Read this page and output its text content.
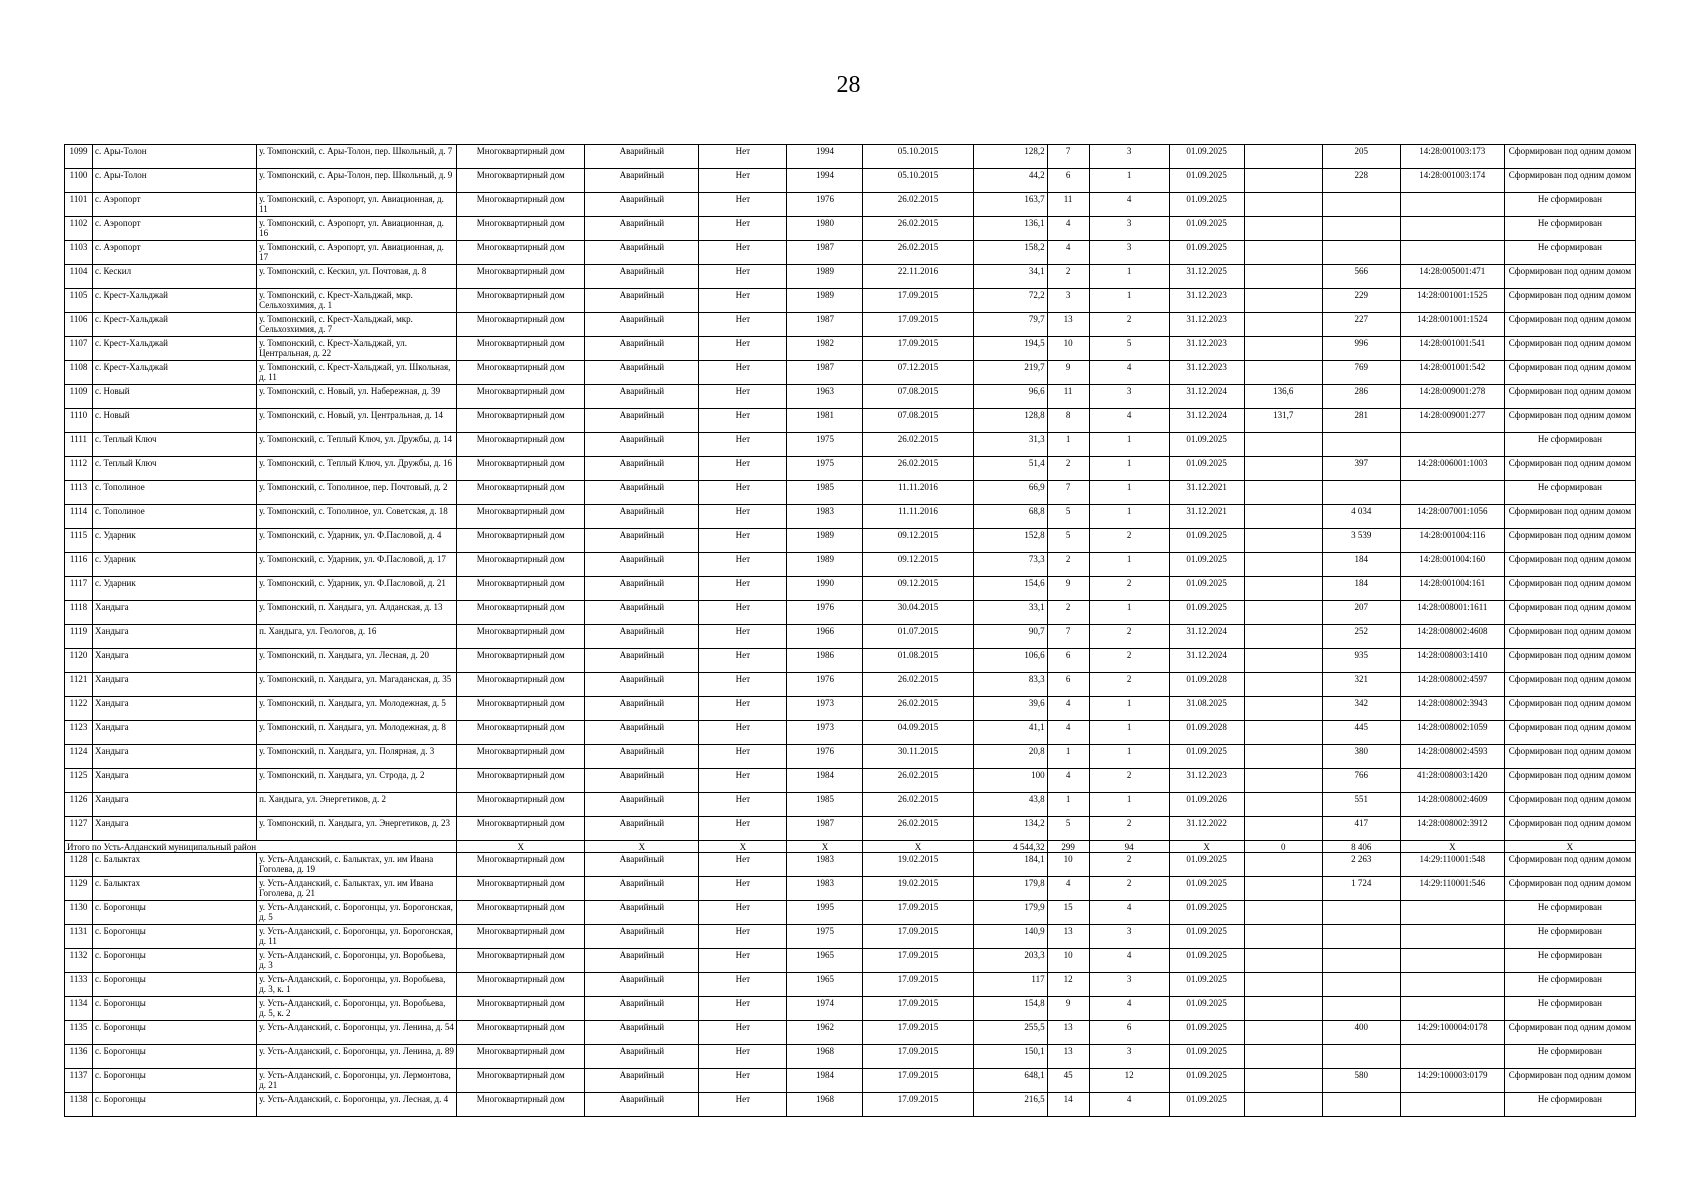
28
1099	с. Ары-Толон	у. Томпонский, с. Ары-Толон, пер. Школьный, д. 7	Многоквартирный дом	Аварийный	Нет	1994	05.10.2015	128,2	7	3	01.09.2025		205	14:28:001003:173	Сформирован под одним домом
1100	с. Ары-Толон	у. Томпонский, с. Ары-Толон, пер. Школьный, д. 9	Многоквартирный дом	Аварийный	Нет	1994	05.10.2015	44,2	6	1	01.09.2025		228	14:28:001003:174	Сформирован под одним домом
1101	с. Аэропорт	у. Томпонский, с. Аэропорт, ул. Авиационная, д. 11	Многоквартирный дом	Аварийный	Нет	1976	26.02.2015	163,7	11	4	01.09.2025				Не сформирован
1102	с. Аэропорт	у. Томпонский, с. Аэропорт, ул. Авиационная, д. 16	Многоквартирный дом	Аварийный	Нет	1980	26.02.2015	136,1	4	3	01.09.2025				Не сформирован
1103	с. Аэропорт	у. Томпонский, с. Аэропорт, ул. Авиационная, д. 17	Многоквартирный дом	Аварийный	Нет	1987	26.02.2015	158,2	4	3	01.09.2025				Не сформирован
1104	с. Кескил	у. Томпонский, с. Кескил, ул. Почтовая, д. 8	Многоквартирный дом	Аварийный	Нет	1989	22.11.2016	34,1	2	1	31.12.2025		566	14:28:005001:471	Сформирован под одним домом
1105	с. Крест-Хальджай	у. Томпонский, с. Крест-Хальджай, мкр. Сельхозхимия, д. 1	Многоквартирный дом	Аварийный	Нет	1989	17.09.2015	72,2	3	1	31.12.2023		229	14:28:001001:1525	Сформирован под одним домом
1106	с. Крест-Хальджай	у. Томпонский, с. Крест-Хальджай, мкр. Сельхозхимия, д. 7	Многоквартирный дом	Аварийный	Нет	1987	17.09.2015	79,7	13	2	31.12.2023		227	14:28:001001:1524	Сформирован под одним домом
1107	с. Крест-Хальджай	у. Томпонский, с. Крест-Хальджай, ул. Центральная, д. 22	Многоквартирный дом	Аварийный	Нет	1982	17.09.2015	194,5	10	5	31.12.2023		996	14:28:001001:541	Сформирован под одним домом
1108	с. Крест-Хальджай	у. Томпонский, с. Крест-Хальджай, ул. Школьная, д. 11	Многоквартирный дом	Аварийный	Нет	1987	07.12.2015	219,7	9	4	31.12.2023		769	14:28:001001:542	Сформирован под одним домом
1109	с. Новый	у. Томпонский, с. Новый, ул. Набережная, д. 39	Многоквартирный дом	Аварийный	Нет	1963	07.08.2015	96,6	11	3	31.12.2024	136,6	286	14:28:009001:278	Сформирован под одним домом
1110	с. Новый	у. Томпонский, с. Новый, ул. Центральная, д. 14	Многоквартирный дом	Аварийный	Нет	1981	07.08.2015	128,8	8	4	31.12.2024	131,7	281	14:28:009001:277	Сформирован под одним домом
1111	с. Теплый Ключ	у. Томпонский, с. Теплый Ключ, ул. Дружбы, д. 14	Многоквартирный дом	Аварийный	Нет	1975	26.02.2015	31,3	1	1	01.09.2025				Не сформирован
1112	с. Теплый Ключ	у. Томпонский, с. Теплый Ключ, ул. Дружбы, д. 16	Многоквартирный дом	Аварийный	Нет	1975	26.02.2015	51,4	2	1	01.09.2025		397	14:28:006001:1003	Сформирован под одним домом
1113	с. Тополиное	у. Томпонский, с. Тополиное, пер. Почтовый, д. 2	Многоквартирный дом	Аварийный	Нет	1985	11.11.2016	66,9	7	1	31.12.2021				Не сформирован
1114	с. Тополиное	у. Томпонский, с. Тополиное, ул. Советская, д. 18	Многоквартирный дом	Аварийный	Нет	1983	11.11.2016	68,8	5	1	31.12.2021		4 034	14:28:007001:1056	Сформирован под одним домом
1115	с. Ударник	у. Томпонский, с. Ударник, ул. Ф.Пасловой, д. 4	Многоквартирный дом	Аварийный	Нет	1989	09.12.2015	152,8	5	2	01.09.2025		3 539	14:28:001004:116	Сформирован под одним домом
1116	с. Ударник	у. Томпонский, с. Ударник, ул. Ф.Пасловой, д. 17	Многоквартирный дом	Аварийный	Нет	1989	09.12.2015	73,3	2	1	01.09.2025		184	14:28:001004:160	Сформирован под одним домом
1117	с. Ударник	у. Томпонский, с. Ударник, ул. Ф.Пасловой, д. 21	Многоквартирный дом	Аварийный	Нет	1990	09.12.2015	154,6	9	2	01.09.2025		184	14:28:001004:161	Сформирован под одним домом
1118	Хандыга	у. Томпонский, п. Хандыга, ул. Алданская, д. 13	Многоквартирный дом	Аварийный	Нет	1976	30.04.2015	33,1	2	1	01.09.2025		207	14:28:008001:1611	Сформирован под одним домом
1119	Хандыга	п. Хандыга, ул. Геологов, д. 16	Многоквартирный дом	Аварийный	Нет	1966	01.07.2015	90,7	7	2	31.12.2024		252	14:28:008002:4608	Сформирован под одним домом
1120	Хандыга	у. Томпонский, п. Хандыга, ул. Лесная, д. 20	Многоквартирный дом	Аварийный	Нет	1986	01.08.2015	106,6	6	2	31.12.2024		935	14:28:008003:1410	Сформирован под одним домом
1121	Хандыга	у. Томпонский, п. Хандыга, ул. Магаданская, д. 35	Многоквартирный дом	Аварийный	Нет	1976	26.02.2015	83,3	6	2	01.09.2028		321	14:28:008002:4597	Сформирован под одним домом
1122	Хандыга	у. Томпонский, п. Хандыга, ул. Молодежная, д. 5	Многоквартирный дом	Аварийный	Нет	1973	26.02.2015	39,6	4	1	31.08.2025		342	14:28:008002:3943	Сформирован под одним домом
1123	Хандыга	у. Томпонский, п. Хандыга, ул. Молодежная, д. 8	Многоквартирный дом	Аварийный	Нет	1973	04.09.2015	41,1	4	1	01.09.2028		445	14:28:008002:1059	Сформирован под одним домом
1124	Хандыга	у. Томпонский, п. Хандыга, ул. Полярная, д. 3	Многоквартирный дом	Аварийный	Нет	1976	30.11.2015	20,8	1	1	01.09.2025		380	14:28:008002:4593	Сформирован под одним домом
1125	Хандыга	у. Томпонский, п. Хандыга, ул. Строда, д. 2	Многоквартирный дом	Аварийный	Нет	1984	26.02.2015	100	4	2	31.12.2023		766	41:28:008003:1420	Сформирован под одним домом
1126	Хандыга	п. Хандыга, ул. Энергетиков, д. 2	Многоквартирный дом	Аварийный	Нет	1985	26.02.2015	43,8	1	1	01.09.2026		551	14:28:008002:4609	Сформирован под одним домом
1127	Хандыга	у. Томпонский, п. Хандыга, ул. Энергетиков, д. 23	Многоквартирный дом	Аварийный	Нет	1987	26.02.2015	134,2	5	2	31.12.2022		417	14:28:008002:3912	Сформирован под одним домом
Итого по Усть-Алданский муниципальный район			X	X	X	X	X	4 544,32	299	94	X	0	8 406	X	X
1128	с. Балыктах	у. Усть-Алданский, с. Балыктах, ул. им Ивана Гоголева, д. 19	Многоквартирный дом	Аварийный	Нет	1983	19.02.2015	184,1	10	2	01.09.2025		2 263	14:29:110001:548	Сформирован под одним домом
1129	с. Балыктах	у. Усть-Алданский, с. Балыктах, ул. им Ивана Гоголева, д. 21	Многоквартирный дом	Аварийный	Нет	1983	19.02.2015	179,8	4	2	01.09.2025		1 724	14:29:110001:546	Сформирован под одним домом
1130	с. Борогонцы	у. Усть-Алданский, с. Борогонцы, ул. Борогонская, д. 5	Многоквартирный дом	Аварийный	Нет	1995	17.09.2015	179,9	15	4	01.09.2025				Не сформирован
1131	с. Борогонцы	у. Усть-Алданский, с. Борогонцы, ул. Борогонская, д. 11	Многоквартирный дом	Аварийный	Нет	1975	17.09.2015	140,9	13	3	01.09.2025				Не сформирован
1132	с. Борогонцы	у. Усть-Алданский, с. Борогонцы, ул. Воробьева, д. 3	Многоквартирный дом	Аварийный	Нет	1965	17.09.2015	203,3	10	4	01.09.2025				Не сформирован
1133	с. Борогонцы	у. Усть-Алданский, с. Борогонцы, ул. Воробьева, д. 3, к. 1	Многоквартирный дом	Аварийный	Нет	1965	17.09.2015	117	12	3	01.09.2025				Не сформирован
1134	с. Борогонцы	у. Усть-Алданский, с. Борогонцы, ул. Воробьева, д. 5, к. 2	Многоквартирный дом	Аварийный	Нет	1974	17.09.2015	154,8	9	4	01.09.2025				Не сформирован
1135	с. Борогонцы	у. Усть-Алданский, с. Борогонцы, ул. Ленина, д. 54	Многоквартирный дом	Аварийный	Нет	1962	17.09.2015	255,5	13	6	01.09.2025		400	14:29:100004:0178	Сформирован под одним домом
1136	с. Борогонцы	у. Усть-Алданский, с. Борогонцы, ул. Ленина, д. 89	Многоквартирный дом	Аварийный	Нет	1968	17.09.2015	150,1	13	3	01.09.2025				Не сформирован
1137	с. Борогонцы	у. Усть-Алданский, с. Борогонцы, ул. Лермонтова, д. 21	Многоквартирный дом	Аварийный	Нет	1984	17.09.2015	648,1	45	12	01.09.2025		580	14:29:100003:0179	Сформирован под одним домом
1138	с. Борогонцы	у. Усть-Алданский, с. Борогонцы, ул. Лесная, д. 4	Многоквартирный дом	Аварийный	Нет	1968	17.09.2015	216,5	14	4	01.09.2025				Не сформирован
